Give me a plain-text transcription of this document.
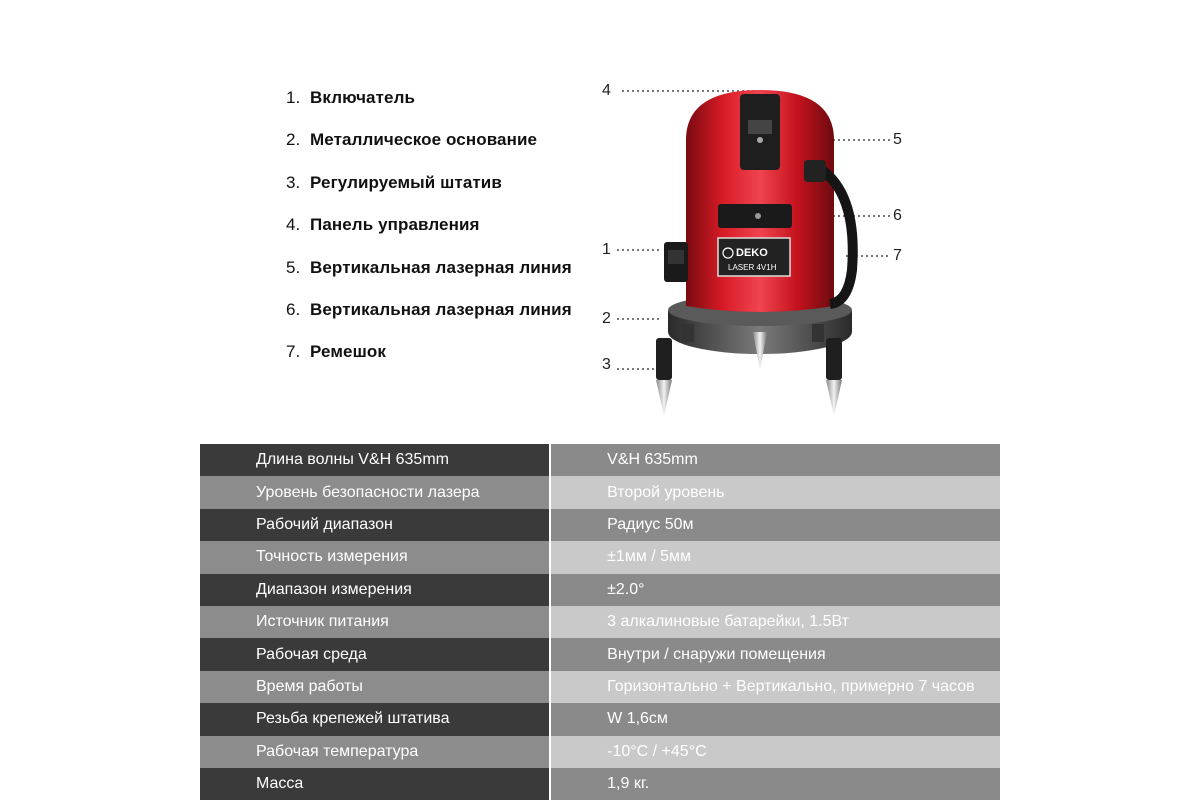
1. Включатель
2. Металлическое основание
3. Регулируемый штатив
4. Панель управления
5. Вертикальная лазерная линия
6. Вертикальная лазерная линия
7. Ремешок
DEKO
LASER 4V1H
4
5
6
7
1
2
3
Длина волны V&H 635mm	V&H 635mm
Уровень безопасности лазера	Второй уровень
Рабочий диапазон	Радиус 50м
Точность измерения	±1мм / 5мм
Диапазон измерения	±2.0°
Источник питания	3 алкалиновые батарейки, 1.5Вт
Рабочая среда	Внутри / снаружи помещения
Время работы	Горизонтально + Вертикально, примерно 7 часов
Резьба крепежей штатива	W 1,6см
Рабочая температура	-10°C / +45°C
Масса	1,9 кг.
